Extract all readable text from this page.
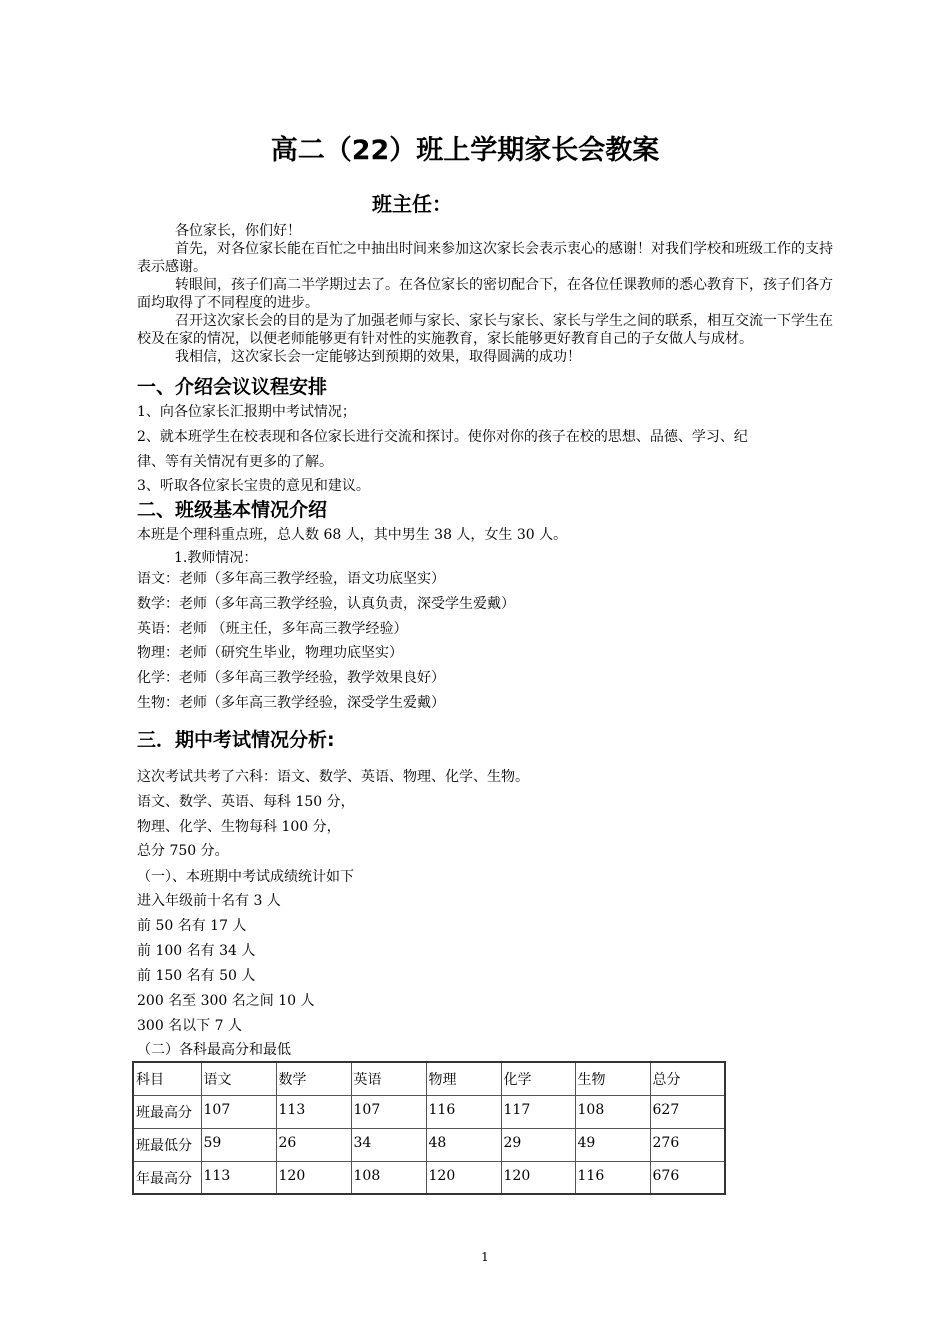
高二（22）班上学期家长会教案
班主任：

各位家长，你们好！

首先，对各位家长能在百忙之中抽出时间来参加这次家长会表示衷心的感谢！对我们学校和班级工作的支持表示感谢。

转眼间，孩子们高二半学期过去了。在各位家长的密切配合下，在各位任课教师的悉心教育下，孩子们各方面均取得了不同程度的进步。

召开这次家长会的目的是为了加强老师与家长、家长与家长、家长与学生之间的联系，相互交流一下学生在校及在家的情况，以便老师能够更有针对性的实施教育，家长能够更好教育自己的子女做人与成材。

我相信，这次家长会一定能够达到预期的效果，取得圆满的成功！

一、介绍会议议程安排
1、向各位家长汇报期中考试情况；
2、就本班学生在校表现和各位家长进行交流和探讨。使你对你的孩子在校的思想、品德、学习、纪
律、等有关情况有更多的了解。
3、听取各位家长宝贵的意见和建议。
二、班级基本情况介绍
本班是个理科重点班，总人数 68 人，其中男生 38 人，女生 30 人。
1.教师情况：
语文：老师（多年高三教学经验，语文功底坚实）
数学：老师（多年高三教学经验，认真负责，深受学生爱戴）
英语：老师 （班主任，多年高三教学经验）
物理：老师（研究生毕业，物理功底坚实）
化学：老师（多年高三教学经验，教学效果良好）
生物：老师（多年高三教学经验，深受学生爱戴）
三．期中考试情况分析:
这次考试共考了六科：语文、数学、英语、物理、化学、生物。
语文、数学、英语、每科 150 分，
物理、化学、生物每科 100 分，
总分 750 分。
（一）、本班期中考试成绩统计如下
进入年级前十名有 3 人
前 50 名有 17 人
前 100 名有 34 人
前 150 名有 50 人
200 名至 300 名之间 10 人
300 名以下 7 人
（二）各科最高分和最低
科目	语文	数学	英语	物理	化学	生物	总分
班最高分	107	113	107	116	117	108	627
班最低分	59	26	34	48	29	49	276
年最高分	113	120	108	120	120	116	676
1
